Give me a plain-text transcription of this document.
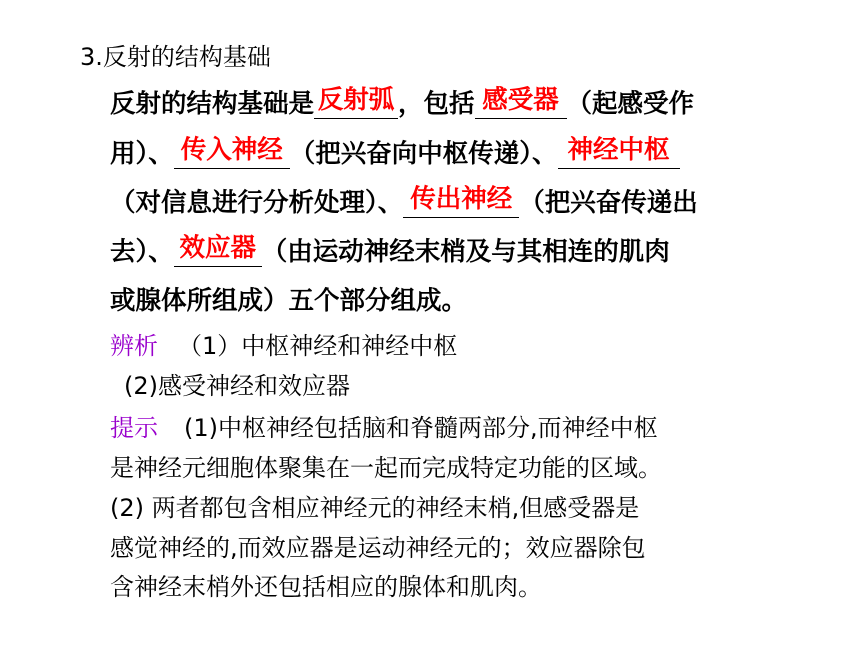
3.反射的结构基础
反射的结构基础是 反射弧 ，包括 感受器 （起感受作
用）、 传入神经 （把兴奋向中枢传递）、 神经中枢
（对信息进行分析处理）、 传出神经 （把兴奋传递出
去）、 效应器 （由运动神经末梢及与其相连的肌肉
或腺体所组成）五个部分组成。
辨析 （1）中枢神经和神经中枢
(2)感受神经和效应器
提示 (1)中枢神经包括脑和脊髓两部分,而神经中枢
是神经元细胞体聚集在一起而完成特定功能的区域。
(2) 两者都包含相应神经元的神经末梢,但感受器是
感觉神经的,而效应器是运动神经元的；效应器除包
含神经末梢外还包括相应的腺体和肌肉。
